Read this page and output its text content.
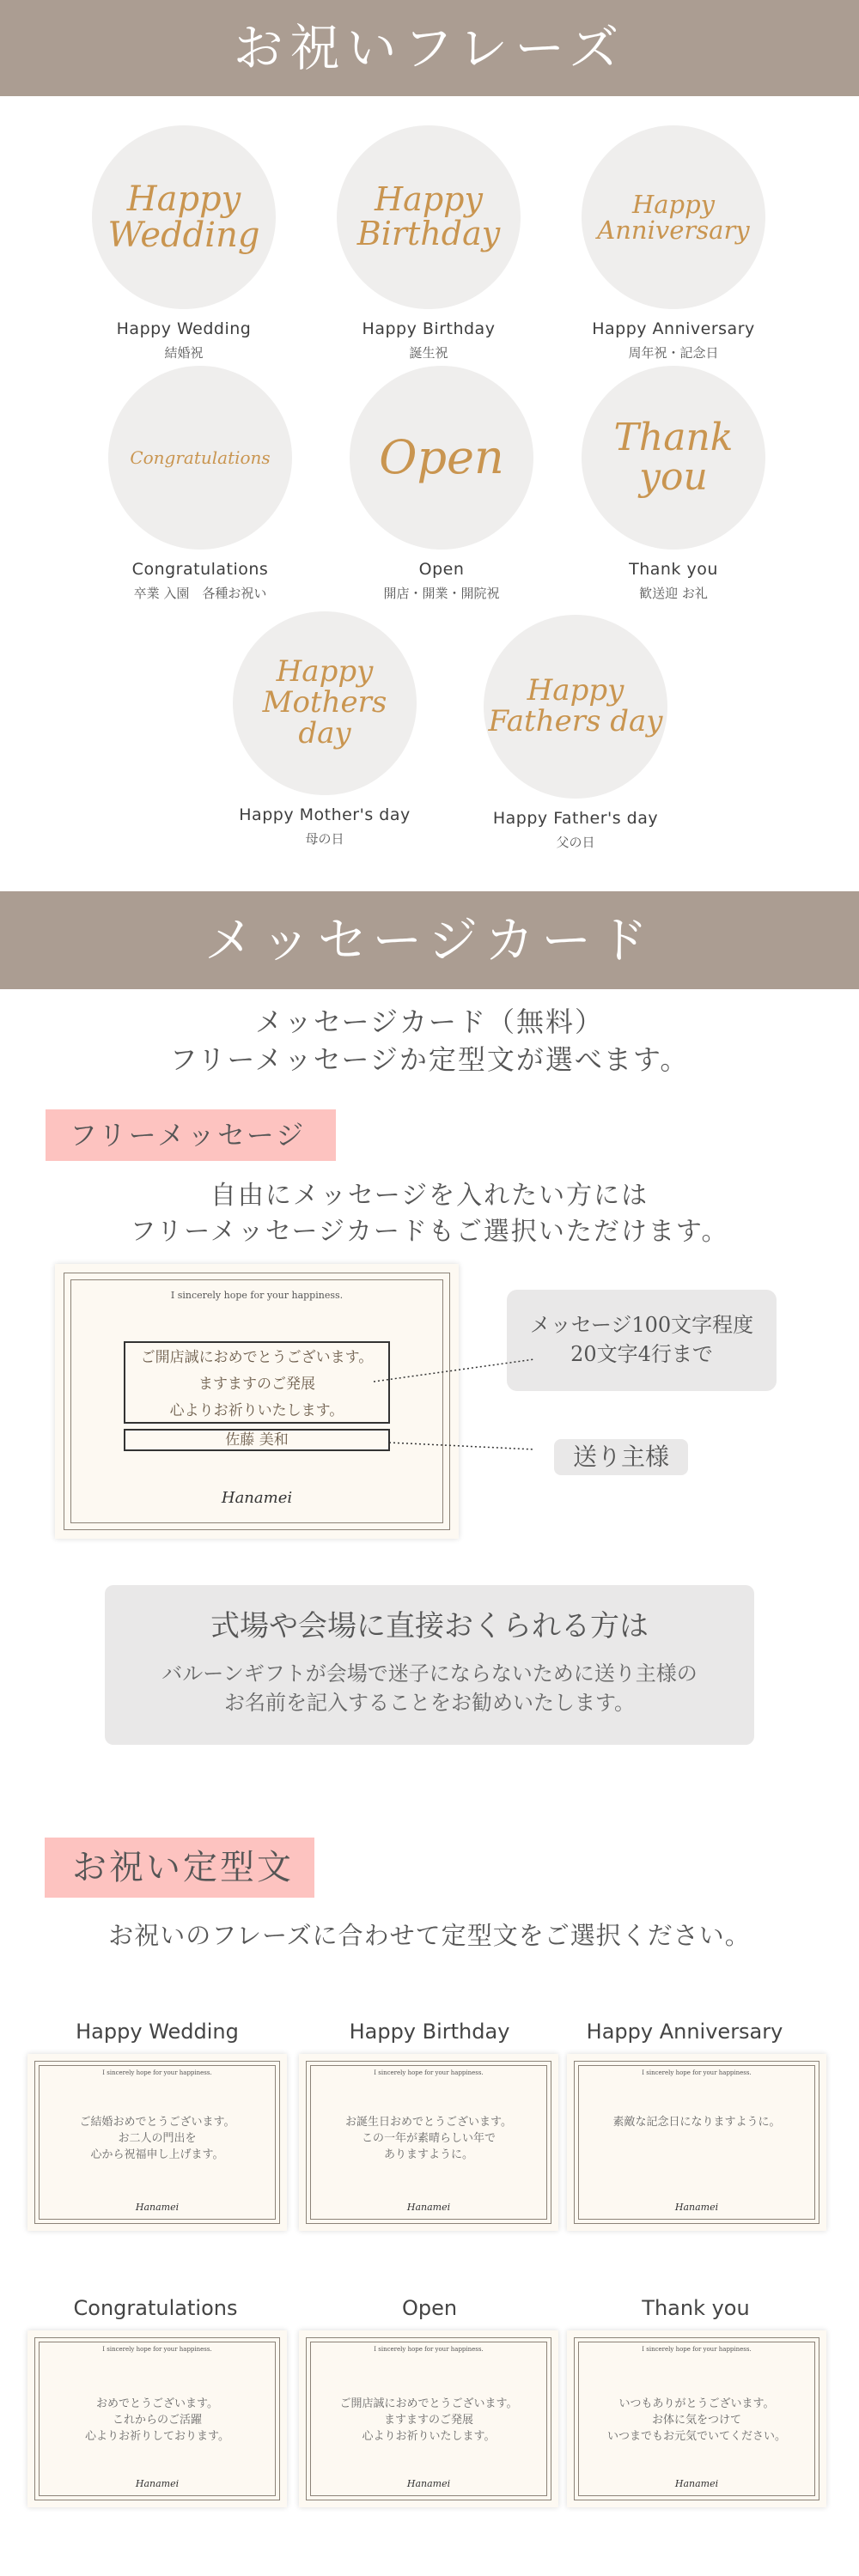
お祝いフレーズ
Happy
Wedding
Happy Wedding
結婚祝
Happy
Birthday
Happy Birthday
誕生祝
Happy
Anniversary
Happy Anniversary
周年祝・記念日
Congratulations
Congratulations
卒業 入園　各種お祝い
Open
Open
開店・開業・開院祝
Thank
you
Thank you
歓送迎 お礼
Happy
Mothers day
Happy Mother's day
母の日
Happy
Fathers day
Happy Father's day
父の日
メッセージカード
メッセージカード（無料）
フリーメッセージか定型文が選べます。
フリーメッセージ
自由にメッセージを入れたい方には
フリーメッセージカードもご選択いただけます。
I sincerely hope for your happiness.
ご開店誠におめでとうございます。
ますますのご発展
心よりお祈りいたします。
佐藤 美和
Hanamei
メッセージ100文字程度
20文字4行まで
送り主様
式場や会場に直接おくられる方は
バルーンギフトが会場で迷子にならないために送り主様の
お名前を記入することをお勧めいたします。
お祝い定型文
お祝いのフレーズに合わせて定型文をご選択ください。
Happy Wedding	Happy Birthday	Happy Anniversary
I sincerely hope for your happiness.
ご結婚おめでとうございます。
お二人の門出を
心から祝福申し上げます。
Hanamei
I sincerely hope for your happiness.
お誕生日おめでとうございます。
この一年が素晴らしい年で
ありますように。
Hanamei
I sincerely hope for your happiness.
素敵な記念日になりますように。
Hanamei
Congratulations	Open	Thank you
I sincerely hope for your happiness.
おめでとうございます。
これからのご活躍
心よりお祈りしております。
Hanamei
I sincerely hope for your happiness.
ご開店誠におめでとうございます。
ますますのご発展
心よりお祈りいたします。
Hanamei
I sincerely hope for your happiness.
いつもありがとうございます。
お体に気をつけて
いつまでもお元気でいてください。
Hanamei
